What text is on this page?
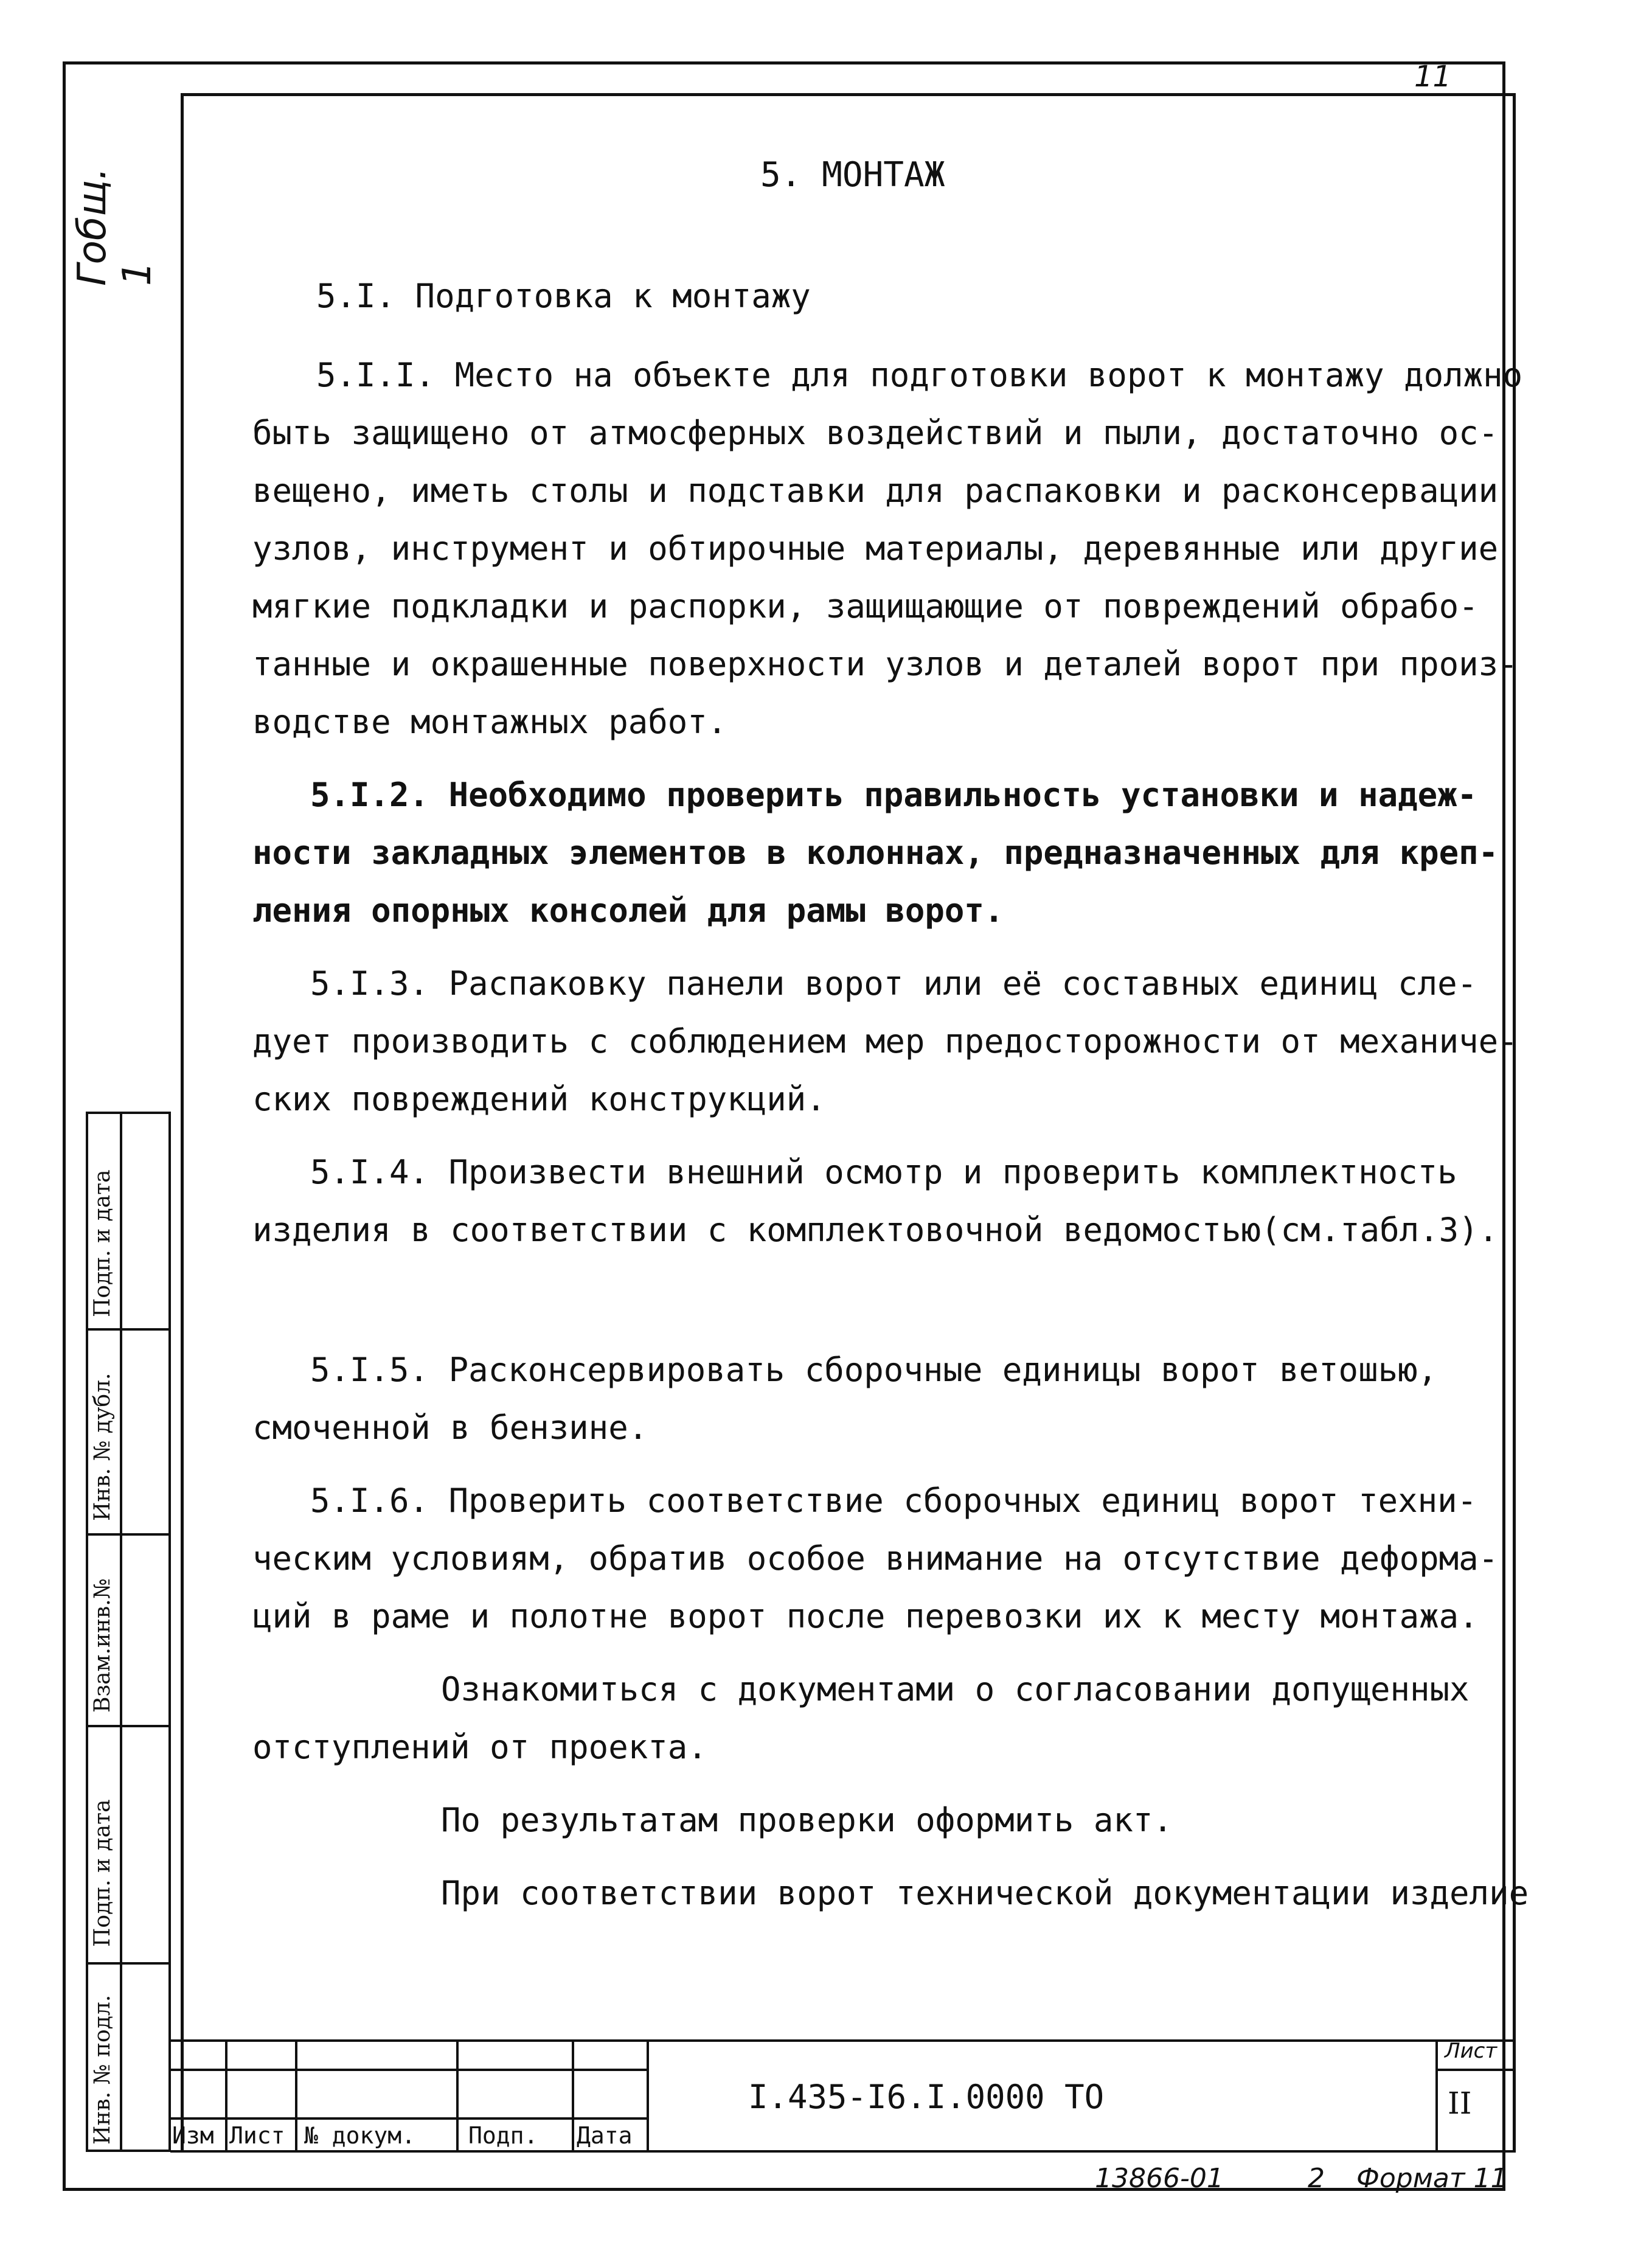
11
Гобщ. 1
5. МОНТАЖ
5.I. Подготовка к монтажу
5.I.I. Место на объекте для подготовки ворот к монтажу должно
быть защищено от атмосферных воздействий и пыли, достаточно ос-
вещено, иметь столы и подставки для распаковки и расконсервации
узлов, инструмент и обтирочные материалы, деревянные или другие
мягкие подкладки и распорки, защищающие от повреждений обрабо-
танные и окрашенные поверхности узлов и деталей ворот при произ-
водстве монтажных работ.
5.I.2. Необходимо проверить правильность установки и надеж-
ности закладных элементов в колоннах, предназначенных для креп-
ления опорных консолей для рамы ворот.
5.I.3. Распаковку панели ворот или её составных единиц сле-
дует производить с соблюдением мер предосторожности от механиче-
ских повреждений конструкций.
5.I.4. Произвести внешний осмотр и проверить комплектность
изделия в соответствии с комплектовочной ведомостью(см.табл.3).
5.I.5. Расконсервировать сборочные единицы ворот ветошью,
смоченной в бензине.
5.I.6. Проверить соответствие сборочных единиц ворот техни-
ческим условиям, обратив особое внимание на отсутствие деформа-
ций в раме и полотне ворот после перевозки их к месту монтажа.
Ознакомиться с документами о согласовании допущенных
отступлений от проекта.
По результатам проверки оформить акт.
При соответствии ворот технической документации изделие
Подп. и дата
Инв. № дубл.
Взам.инв.№
Подп. и дата
Инв. № подл. Изм Лист № докум. Подп. Дата
I.435-I6.I.0000 ТО
Лист
II
13866-01	2 Формат 11
